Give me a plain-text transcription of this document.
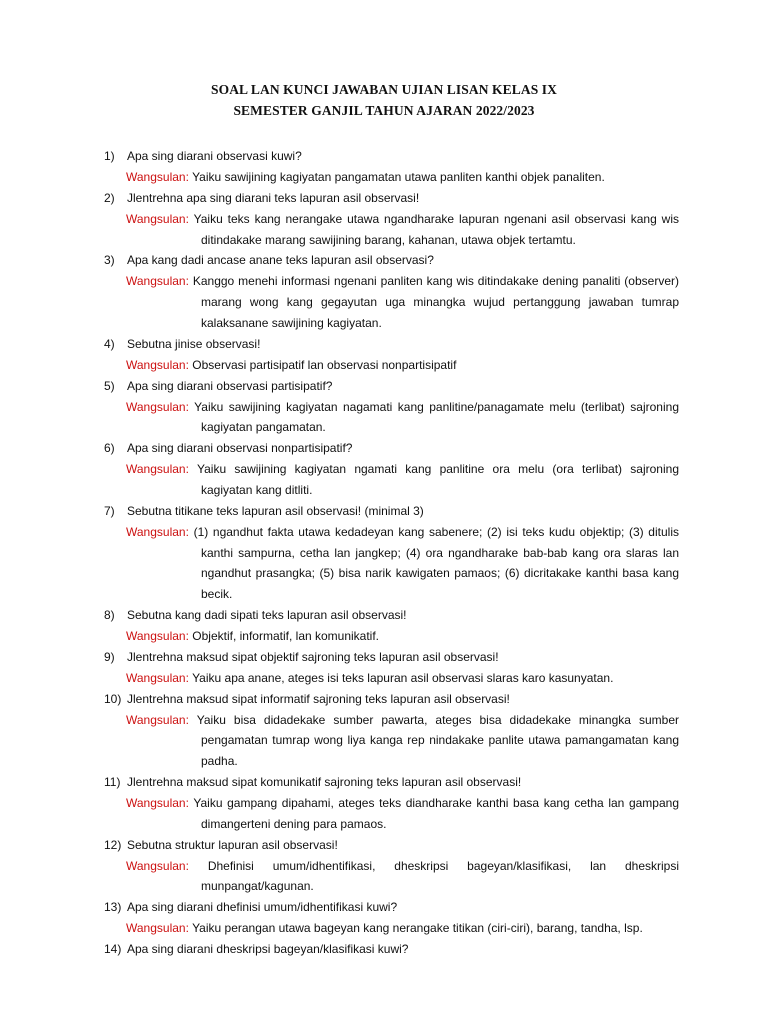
SOAL LAN KUNCI JAWABAN UJIAN LISAN KELAS IX
SEMESTER GANJIL TAHUN AJARAN 2022/2023
1) Apa sing diarani observasi kuwi?
Wangsulan: Yaiku sawijining kagiyatan pangamatan utawa panliten kanthi objek panaliten.
2) Jlentrehna apa sing diarani teks lapuran asil observasi!
Wangsulan: Yaiku teks kang nerangake utawa ngandharake lapuran ngenani asil observasi kang wis ditindakake marang sawijining barang, kahanan, utawa objek tertamtu.
3) Apa kang dadi ancase anane teks lapuran asil observasi?
Wangsulan: Kanggo menehi informasi ngenani panliten kang wis ditindakake dening panaliti (observer) marang wong kang gegayutan uga minangka wujud pertanggung jawaban tumrap kalaksanane sawijining kagiyatan.
4) Sebutna jinise observasi!
Wangsulan: Observasi partisipatif lan observasi nonpartisipatif
5) Apa sing diarani observasi partisipatif?
Wangsulan: Yaiku sawijining kagiyatan nagamati kang panlitine/panagamate melu (terlibat) sajroning kagiyatan pangamatan.
6) Apa sing diarani observasi nonpartisipatif?
Wangsulan: Yaiku sawijining kagiyatan ngamati kang panlitine ora melu (ora terlibat) sajroning kagiyatan kang ditliti.
7) Sebutna titikane teks lapuran asil observasi! (minimal 3)
Wangsulan: (1) ngandhut fakta utawa kedadeyan kang sabenere; (2) isi teks kudu objektip; (3) ditulis kanthi sampurna, cetha lan jangkep; (4) ora ngandharake bab-bab kang ora slaras lan ngandhut prasangka; (5) bisa narik kawigaten pamaos; (6) dicritakake kanthi basa kang becik.
8) Sebutna kang dadi sipati teks lapuran asil observasi!
Wangsulan: Objektif, informatif, lan komunikatif.
9) Jlentrehna maksud sipat objektif sajroning teks lapuran asil observasi!
Wangsulan: Yaiku apa anane, ateges isi teks lapuran asil observasi slaras karo kasunyatan.
10) Jlentrehna maksud sipat informatif sajroning teks lapuran asil observasi!
Wangsulan: Yaiku bisa didadekake sumber pawarta, ateges bisa didadekake minangka sumber pengamatan tumrap wong liya kanga rep nindakake panlite utawa pamangamatan kang padha.
11) Jlentrehna maksud sipat komunikatif sajroning teks lapuran asil observasi!
Wangsulan: Yaiku gampang dipahami, ateges teks diandharake kanthi basa kang cetha lan gampang dimangerteni dening para pamaos.
12) Sebutna struktur lapuran asil observasi!
Wangsulan: Dhefinisi umum/idhentifikasi, dheskripsi bageyan/klasifikasi, lan dheskripsi munpangat/kagunan.
13) Apa sing diarani dhefinisi umum/idhentifikasi kuwi?
Wangsulan: Yaiku perangan utawa bageyan kang nerangake titikan (ciri-ciri), barang, tandha, lsp.
14) Apa sing diarani dheskripsi bageyan/klasifikasi kuwi?
